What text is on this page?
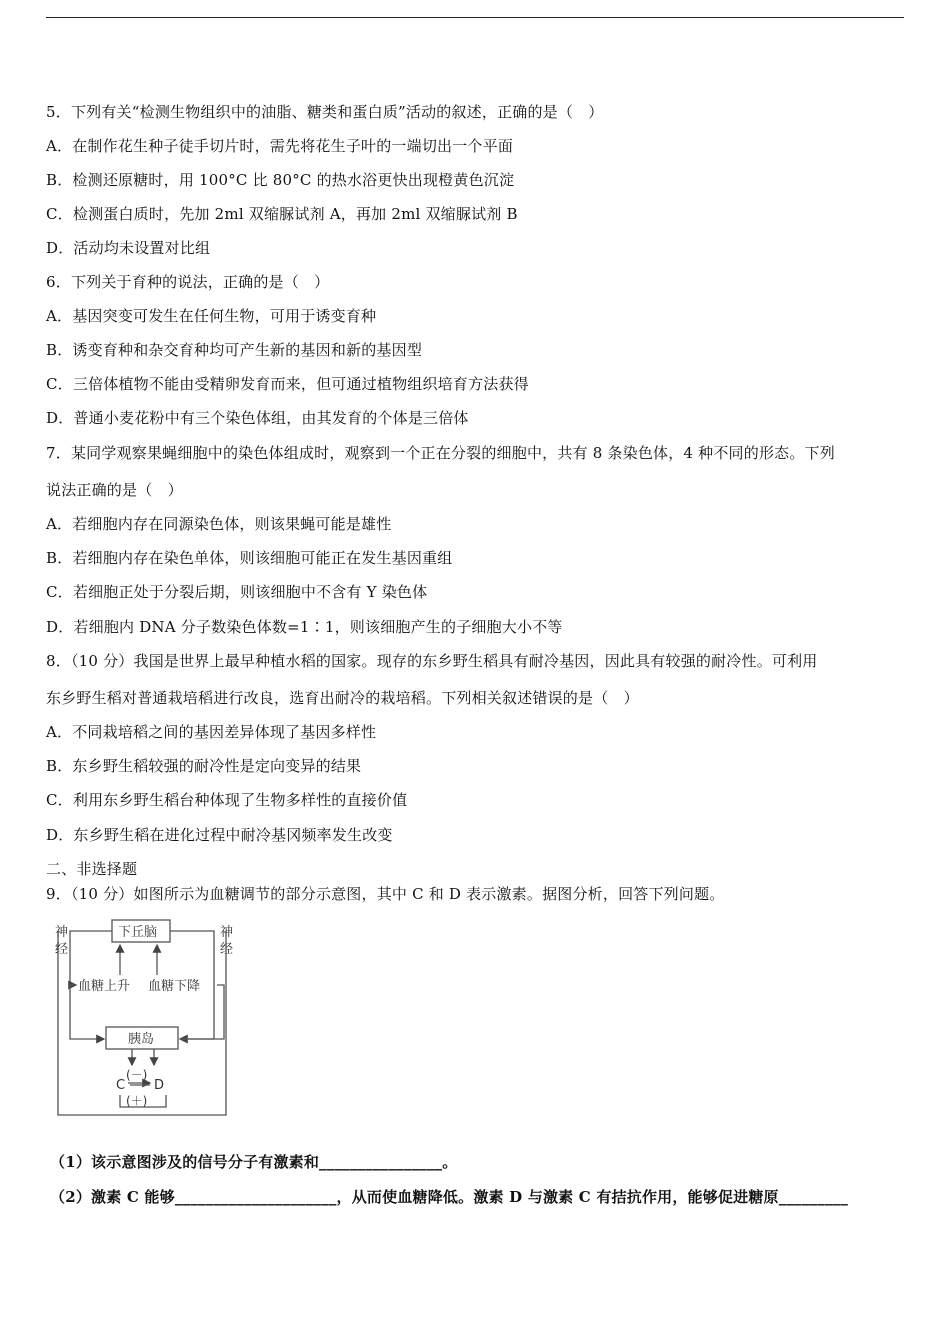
5．下列有关“检测生物组织中的油脂、糖类和蛋白质”活动的叙述，正确的是（　）
A．在制作花生种子徒手切片时，需先将花生子叶的一端切出一个平面
B．检测还原糖时，用 100°C 比 80°C 的热水浴更快出现橙黄色沉淀
C．检测蛋白质时，先加 2ml 双缩脲试剂 A，再加 2ml 双缩脲试剂 B
D．活动均未设置对比组
6．下列关于育种的说法，正确的是（　）
A．基因突变可发生在任何生物，可用于诱变育种
B．诱变育种和杂交育种均可产生新的基因和新的基因型
C．三倍体植物不能由受精卵发育而来，但可通过植物组织培育方法获得
D．普通小麦花粉中有三个染色体组，由其发育的个体是三倍体
7．某同学观察果蝇细胞中的染色体组成时，观察到一个正在分裂的细胞中，共有 8 条染色体，4 种不同的形态。下列
说法正确的是（　）
A．若细胞内存在同源染色体，则该果蝇可能是雄性
B．若细胞内存在染色单体，则该细胞可能正在发生基因重组
C．若细胞正处于分裂后期，则该细胞中不含有 Y 染色体
D．若细胞内 DNA 分子数染色体数=1∶1，则该细胞产生的子细胞大小不等
8．（10 分）我国是世界上最早种植水稻的国家。现存的东乡野生稻具有耐冷基因，因此具有较强的耐冷性。可利用
东乡野生稻对普通栽培稻进行改良，选育出耐冷的栽培稻。下列相关叙述错误的是（　）
A．不同栽培稻之间的基因差异体现了基因多样性
B．东乡野生稻较强的耐冷性是定向变异的结果
C．利用东乡野生稻台种体现了生物多样性的直接价值
D．东乡野生稻在进化过程中耐冷基冈频率发生改变
二、非选择题
9．（10 分）如图所示为血糖调节的部分示意图，其中 C 和 D 表示激素。据图分析，回答下列问题。
下丘脑
神
经
神
经
血糖上升 血糖下降
胰岛
(－)
C D
(＋)
（1）该示意图涉及的信号分子有激素和________________。
（2）激素 C 能够_____________________，从而使血糖降低。激素 D 与激素 C 有拮抗作用，能够促进糖原_________
